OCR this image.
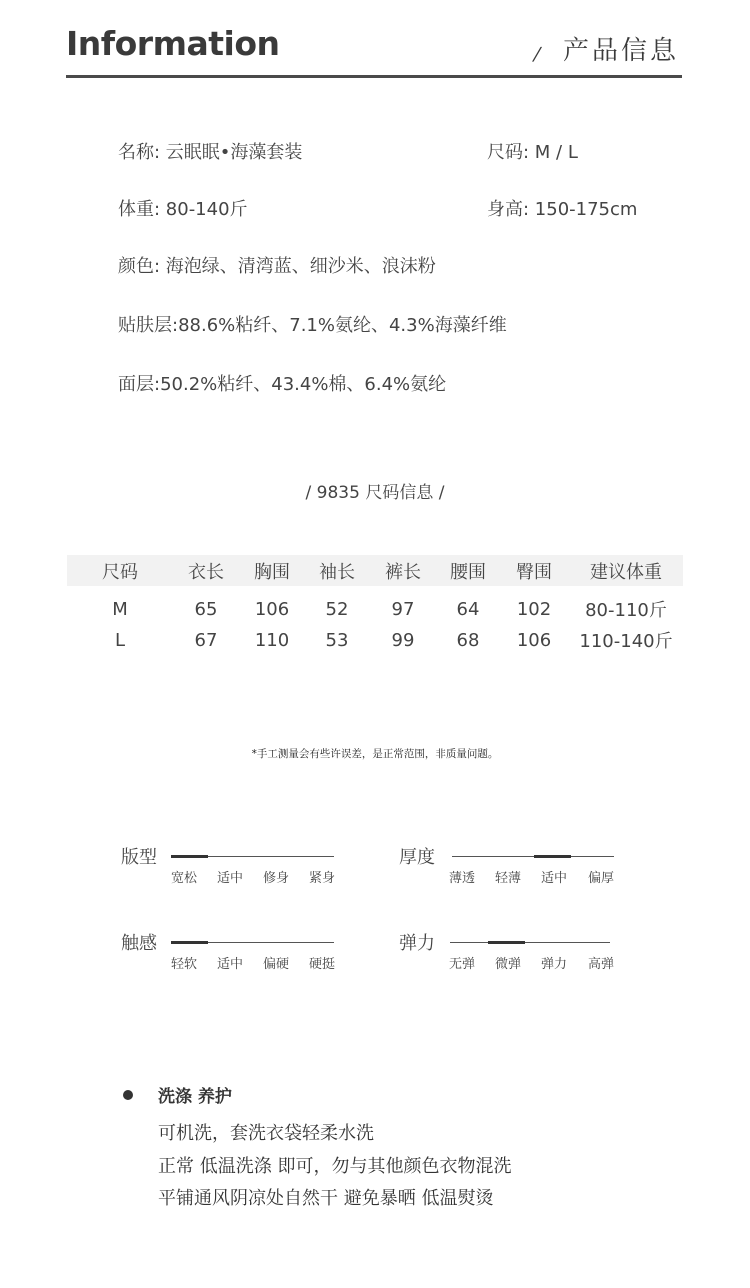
Information	/ 产品信息
名称: 云眠眠•海藻套装	尺码: M / L
体重: 80-140斤	身高: 150-175cm
颜色: 海泡绿、清湾蓝、细沙米、浪沫粉
贴肤层:88.6%粘纤、7.1%氨纶、4.3%海藻纤维
面层:50.2%粘纤、43.4%棉、6.4%氨纶
/ 9835 尺码信息 /
尺码	衣长	胸围	袖长	裤长	腰围	臀围	建议体重
M	65	106	52	97	64	102	80-110斤
L	67	110	53	99	68	106	110-140斤
*手工测量会有些许误差，是正常范围，非质量问题。
版型
宽松	适中	修身	紧身
厚度
薄透	轻薄	适中	偏厚
触感
轻软	适中	偏硬	硬挺
弹力
无弹	微弹	弹力	高弹
洗涤 养护
可机洗，套洗衣袋轻柔水洗
正常 低温洗涤 即可，勿与其他颜色衣物混洗
平铺通风阴凉处自然干 避免暴晒 低温熨烫
